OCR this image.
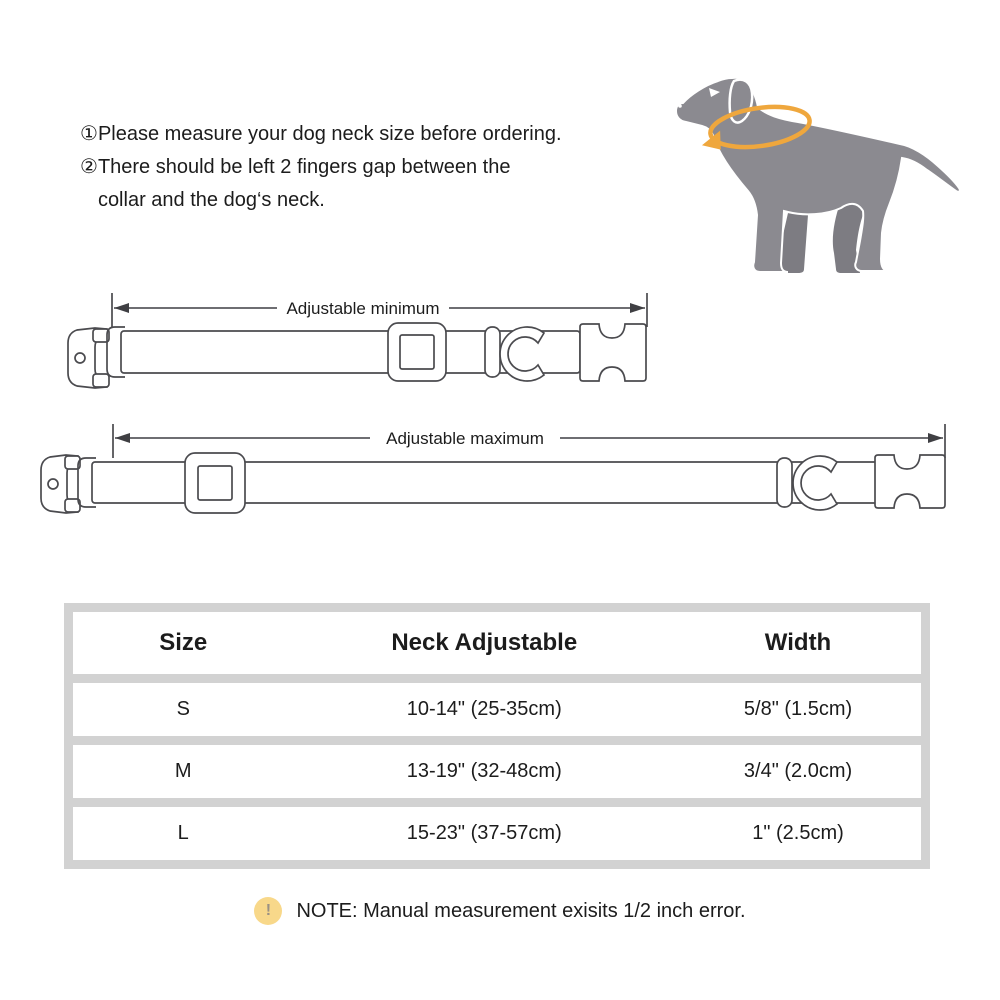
① Please measure your dog neck size before ordering.
② There should be left 2 fingers gap between the
collar and the dog‘s neck.
Adjustable minimum
Adjustable maximum
Size	Neck Adjustable	Width
S	10-14" (25-35cm)	5/8" (1.5cm)
M	13-19" (32-48cm)	3/4" (2.0cm)
L	15-23" (37-57cm)	1" (2.5cm)
! NOTE: Manual measurement exisits 1/2 inch error.
